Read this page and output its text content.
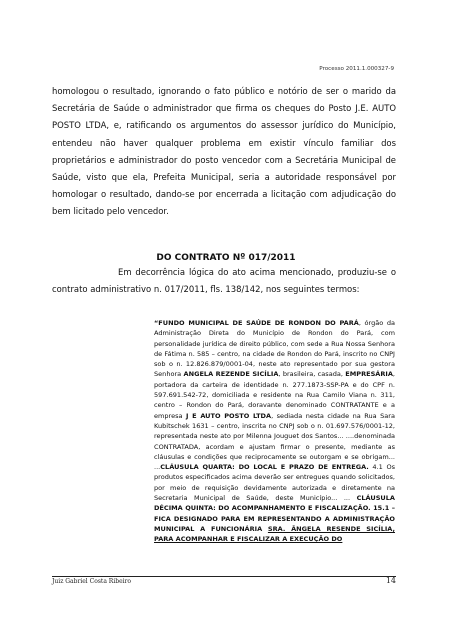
Processo 2011.1.000327-9

homologou o resultado, ignorando o fato público e notório de ser o marido da Secretária de Saúde o administrador que firma os cheques do Posto J.E. AUTO POSTO LTDA, e, ratificando os argumentos do assessor jurídico do Município, entendeu não haver qualquer problema em existir vínculo familiar dos proprietários e administrador do posto vencedor com a Secretária Municipal de Saúde, visto que ela, Prefeita Municipal, seria a autoridade responsável por homologar o resultado, dando-se por encerrada a licitação com adjudicação do bem licitado pelo vencedor.

DO CONTRATO Nº 017/2011

Em decorrência lógica do ato acima mencionado, produziu-se o contrato administrativo n. 017/2011, fls. 138/142, nos seguintes termos:

“FUNDO MUNICIPAL DE SAÚDE DE RONDON DO PARÁ, órgão da Administração Direta do Município de Rondon do Pará, com personalidade jurídica de direito público, com sede a Rua Nossa Senhora de Fátima n. 585 – centro, na cidade de Rondon do Pará, inscrito no CNPJ sob o n. 12.826.879/0001-04, neste ato representado por sua gestora Senhora ANGELA REZENDE SICÍLIA, brasileira, casada, EMPRESÁRIA, portadora da carteira de identidade n. 277.1873-SSP-PA e do CPF n. 597.691.542-72, domiciliada e residente na Rua Camilo Viana n. 311, centro – Rondon do Pará, doravante denominado CONTRATANTE e a empresa J E AUTO POSTO LTDA, sediada nesta cidade na Rua Sara Kubitschek 1631 – centro, inscrita no CNPJ sob o n. 01.697.576/0001-12, representada neste ato por Milenna Jouguet dos Santos... ....denominada CONTRATADA, acordam e ajustam firmar o presente, mediante as cláusulas e condições que reciprocamente se outorgam e se obrigam... ...CLÁUSULA QUARTA: DO LOCAL E PRAZO DE ENTREGA. 4.1 Os produtos especificados acima deverão ser entregues quando solicitados, por meio de requisição devidamente autorizada e diretamente na Secretaria Municipal de Saúde, deste Município... ... CLÁUSULA DÉCIMA QUINTA: DO ACOMPANHAMENTO E FISCALIZAÇÃO. 15.1 – FICA DESIGNADO PARA EM REPRESENTANDO A ADMINISTRAÇÃO MUNICIPAL A FUNCIONÁRIA SRA. ÂNGELA RESENDE SICÍLIA, PARA ACOMPANHAR E FISCALIZAR A EXECUÇÃO DO

Juiz Gabriel Costa Ribeiro	14
